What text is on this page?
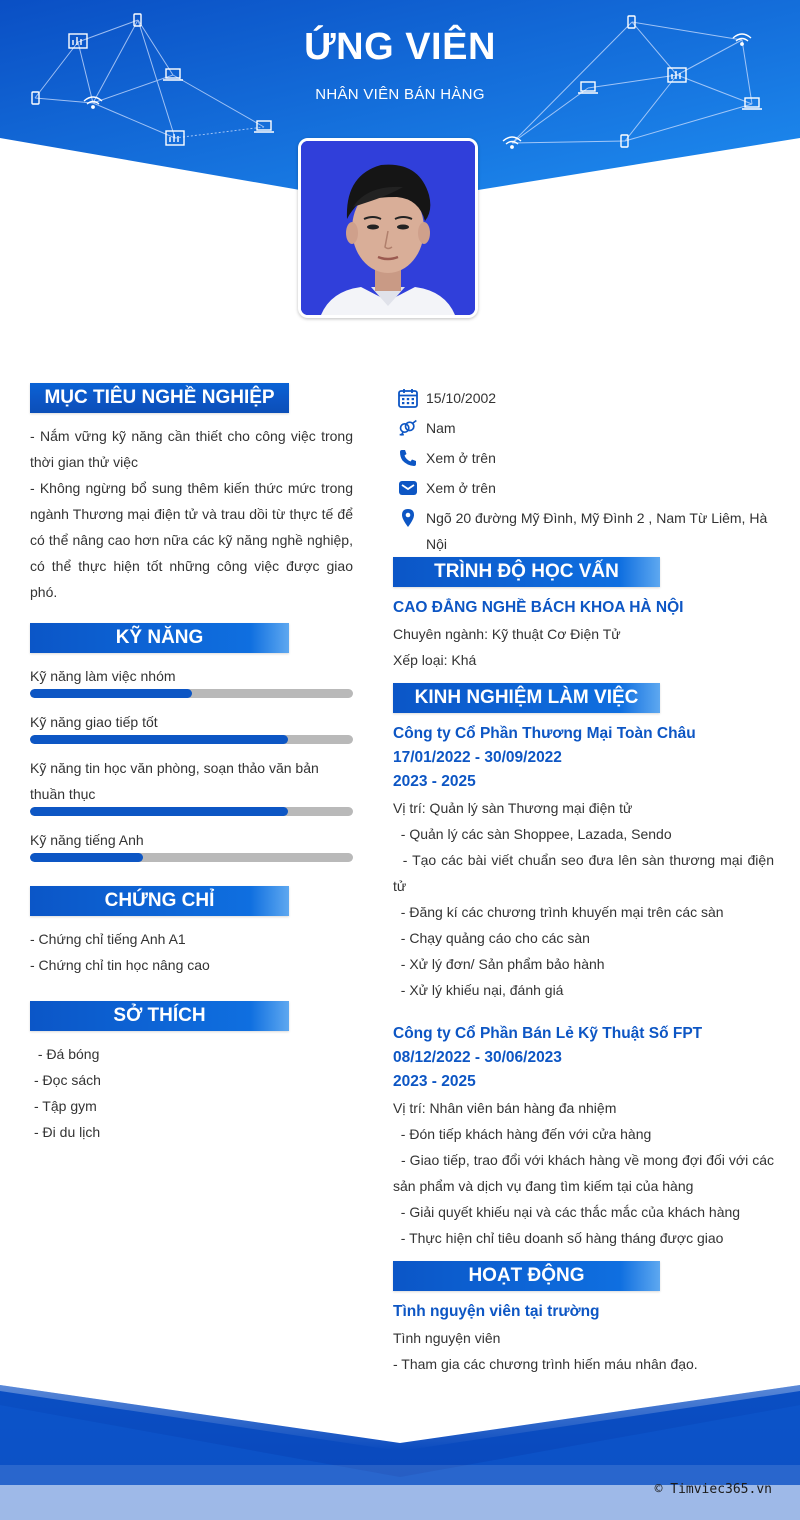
ỨNG VIÊN
NHÂN VIÊN BÁN HÀNG
MỤC TIÊU NGHỀ NGHIỆP
- Nắm vững kỹ năng cần thiết cho công việc trong thời gian thử việc
- Không ngừng bổ sung thêm kiến thức mức trong ngành Thương mại điện tử và trau dồi từ thực tế để có thể nâng cao hơn nữa các kỹ năng nghề nghiệp, có thể thực hiện tốt những công việc được giao phó.
KỸ NĂNG
Kỹ năng làm việc nhóm
Kỹ năng giao tiếp tốt
Kỹ năng tin học văn phòng, soạn thảo văn bản thuần thục
Kỹ năng tiếng Anh
CHỨNG CHỈ
- Chứng chỉ tiếng Anh A1
- Chứng chỉ tin học nâng cao
SỞ THÍCH
- Đá bóng
- Đọc sách
- Tập gym
- Đi du lịch
15/10/2002
Nam
Xem ở trên
Xem ở trên
Ngõ 20 đường Mỹ Đình, Mỹ Đình 2 , Nam Từ Liêm, Hà Nội
TRÌNH ĐỘ HỌC VẤN
CAO ĐẲNG NGHỀ BÁCH KHOA HÀ NỘI
Chuyên ngành: Kỹ thuật Cơ Điện Tử
Xếp loại: Khá
KINH NGHIỆM LÀM VIỆC
Công ty Cổ Phần Thương Mại Toàn Châu
17/01/2022 - 30/09/2022
2023 - 2025
Vị trí: Quản lý sàn Thương mại điện tử
- Quản lý các sàn Shoppee, Lazada, Sendo
- Tạo các bài viết chuẩn seo đưa lên sàn thương mại điện tử
- Đăng kí các chương trình khuyến mại trên các sàn
- Chạy quảng cáo cho các sàn
- Xử lý đơn/ Sản phẩm bảo hành
- Xử lý khiếu nại, đánh giá
Công ty Cổ Phần Bán Lẻ Kỹ Thuật Số FPT
08/12/2022 - 30/06/2023
2023 - 2025
Vị trí: Nhân viên bán hàng đa nhiệm
- Đón tiếp khách hàng đến với cửa hàng
- Giao tiếp, trao đổi với khách hàng về mong đợi đối với các sản phẩm và dịch vụ đang tìm kiếm tại của hàng
- Giải quyết khiếu nại và các thắc mắc của khách hàng
- Thực hiện chỉ tiêu doanh số hàng tháng được giao
HOẠT ĐỘNG
Tình nguyện viên tại trường
Tình nguyện viên
- Tham gia các chương trình hiến máu nhân đạo.
© Timviec365.vn
